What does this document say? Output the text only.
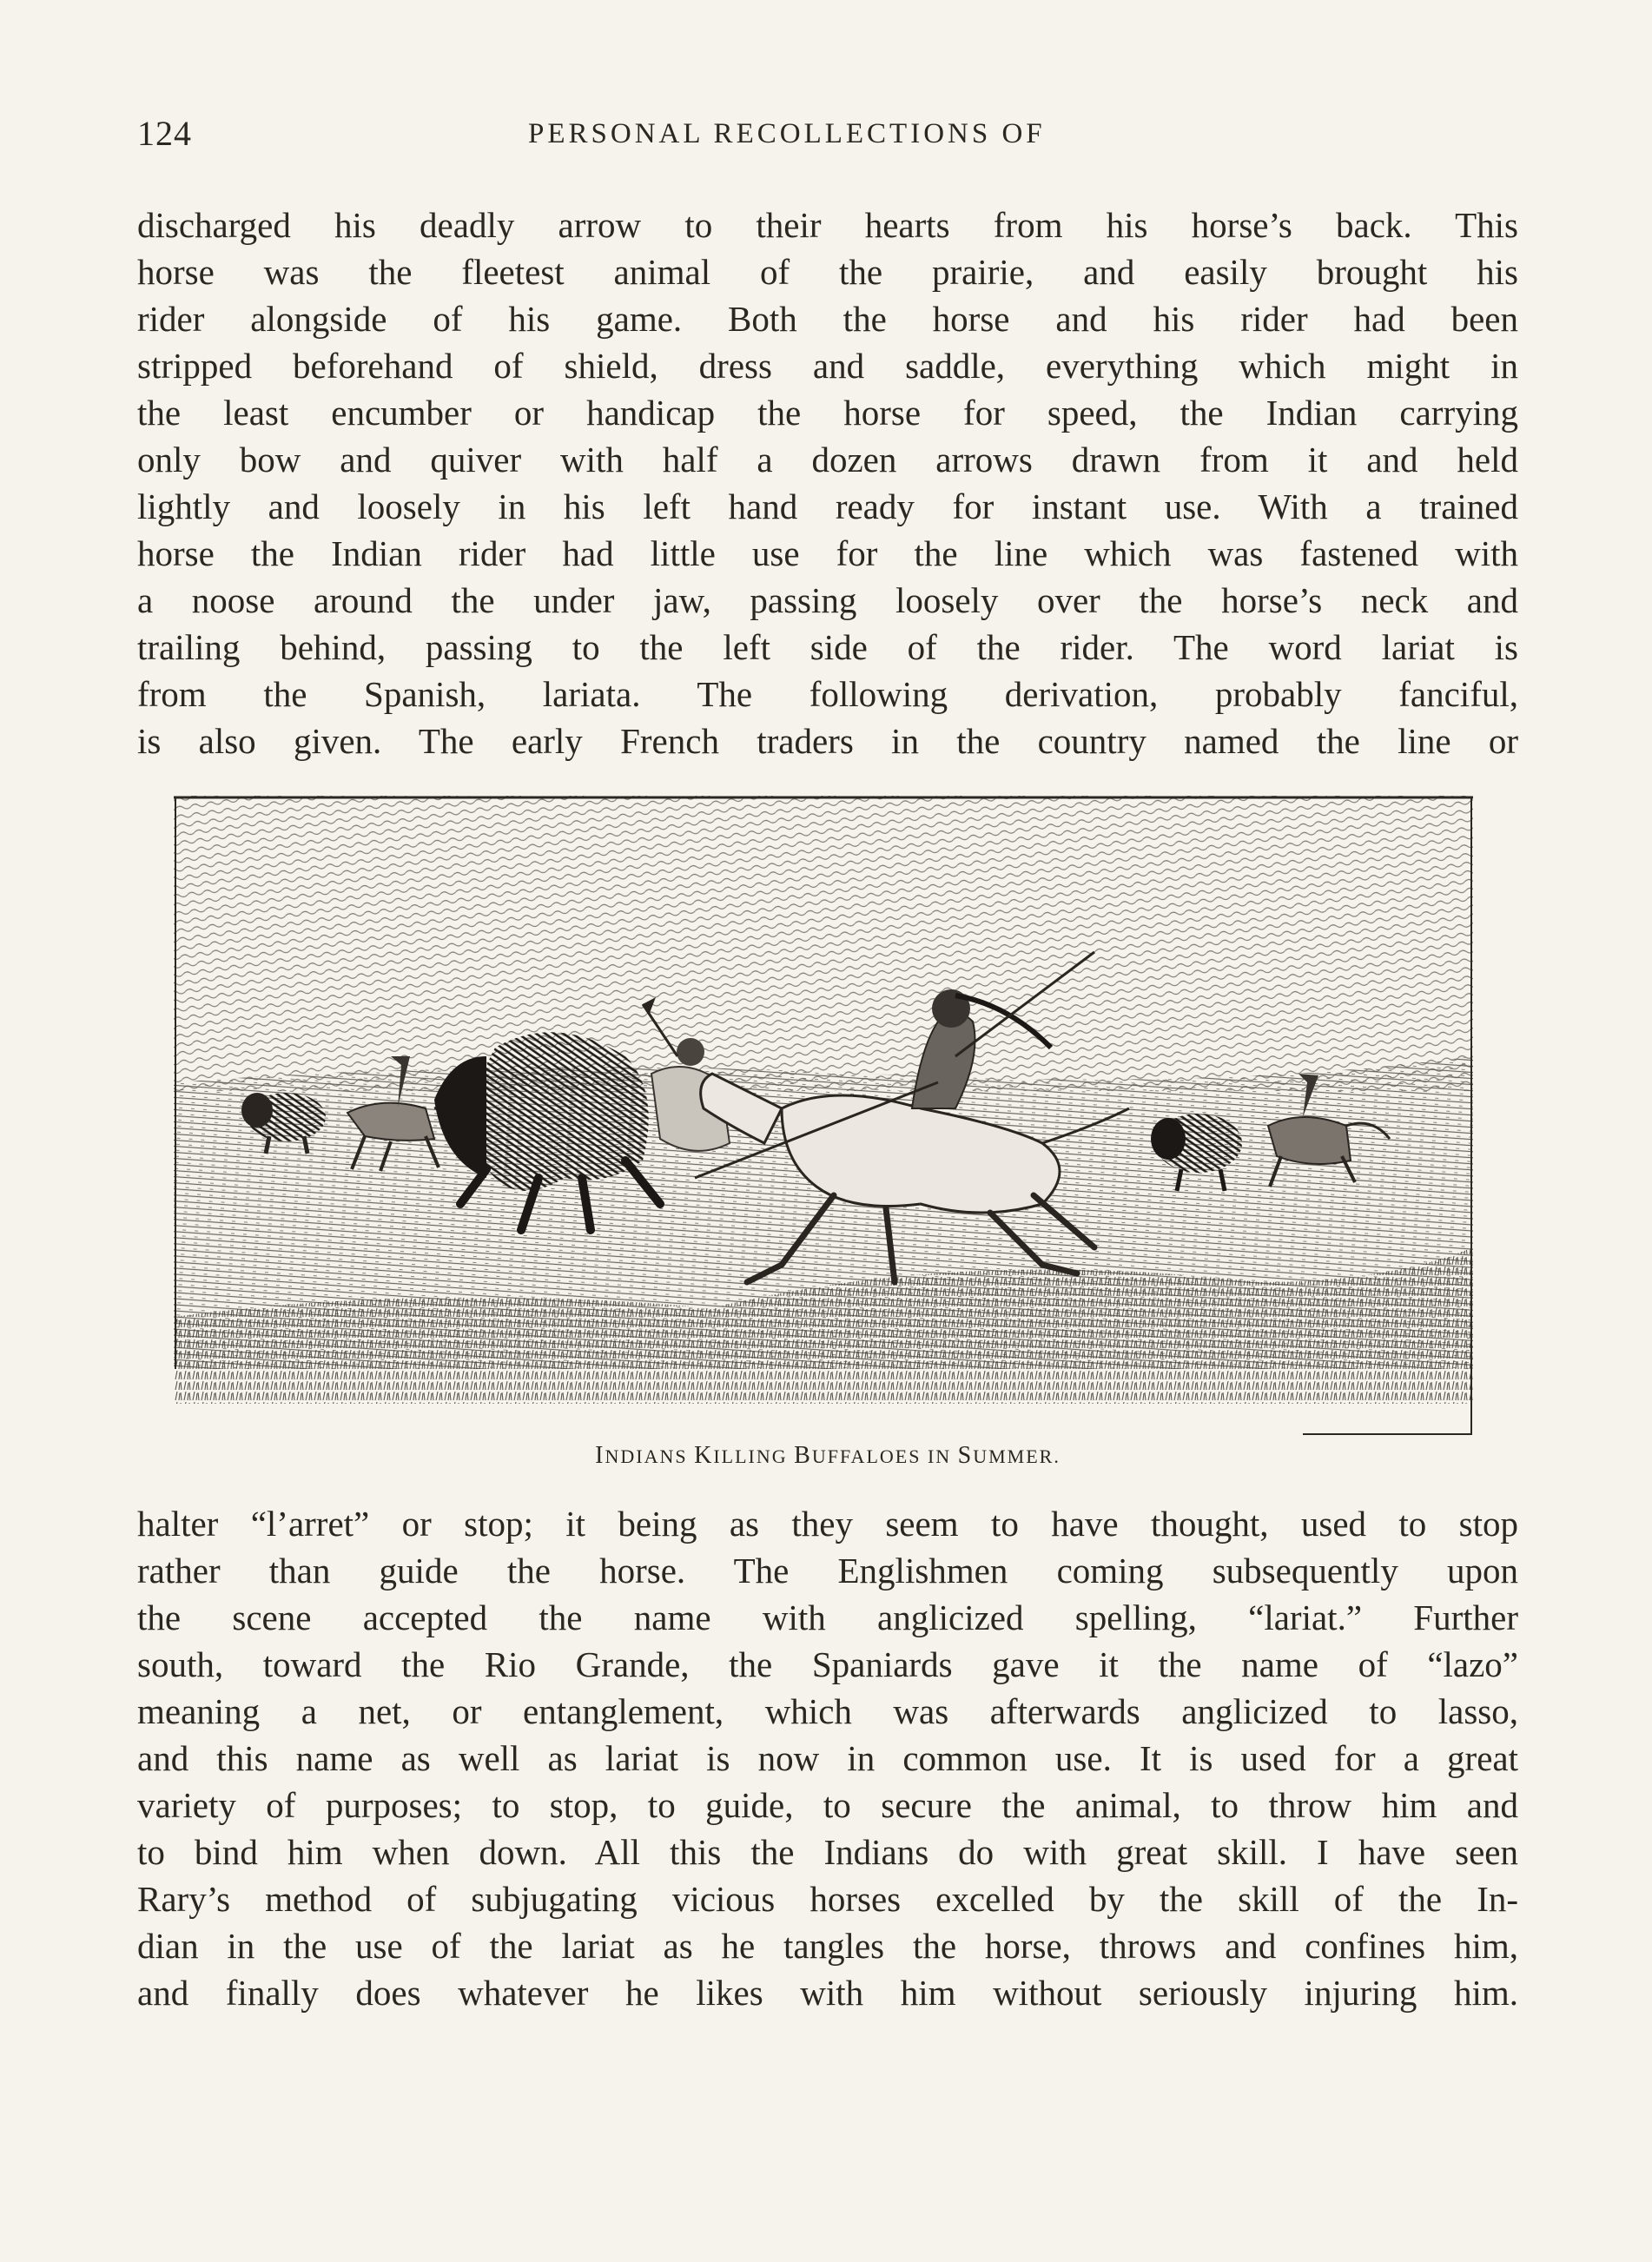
124	PERSONAL RECOLLECTIONS OF
discharged his deadly arrow to their hearts from his horse’s back. This
horse was the fleetest animal of the prairie, and easily brought his
rider alongside of his game. Both the horse and his rider had been
stripped beforehand of shield, dress and saddle, everything which might in
the least encumber or handicap the horse for speed, the Indian carrying
only bow and quiver with half a dozen arrows drawn from it and held
lightly and loosely in his left hand ready for instant use. With a trained
horse the Indian rider had little use for the line which was fastened with
a noose around the under jaw, passing loosely over the horse’s neck and
trailing behind, passing to the left side of the rider. The word lariat is
from the Spanish, lariata. The following derivation, probably fanciful,
is also given. The early French traders in the country named the line or
INDIANS KILLING BUFFALOES IN SUMMER.
halter “l’arret” or stop; it being as they seem to have thought, used to stop
rather than guide the horse. The Englishmen coming subsequently upon
the scene accepted the name with anglicized spelling, “lariat.” Further
south, toward the Rio Grande, the Spaniards gave it the name of “lazo”
meaning a net, or entanglement, which was afterwards anglicized to lasso,
and this name as well as lariat is now in common use. It is used for a great
variety of purposes; to stop, to guide, to secure the animal, to throw him and
to bind him when down. All this the Indians do with great skill. I have seen
Rary’s method of subjugating vicious horses excelled by the skill of the In-
dian in the use of the lariat as he tangles the horse, throws and confines him,
and finally does whatever he likes with him without seriously injuring him.
